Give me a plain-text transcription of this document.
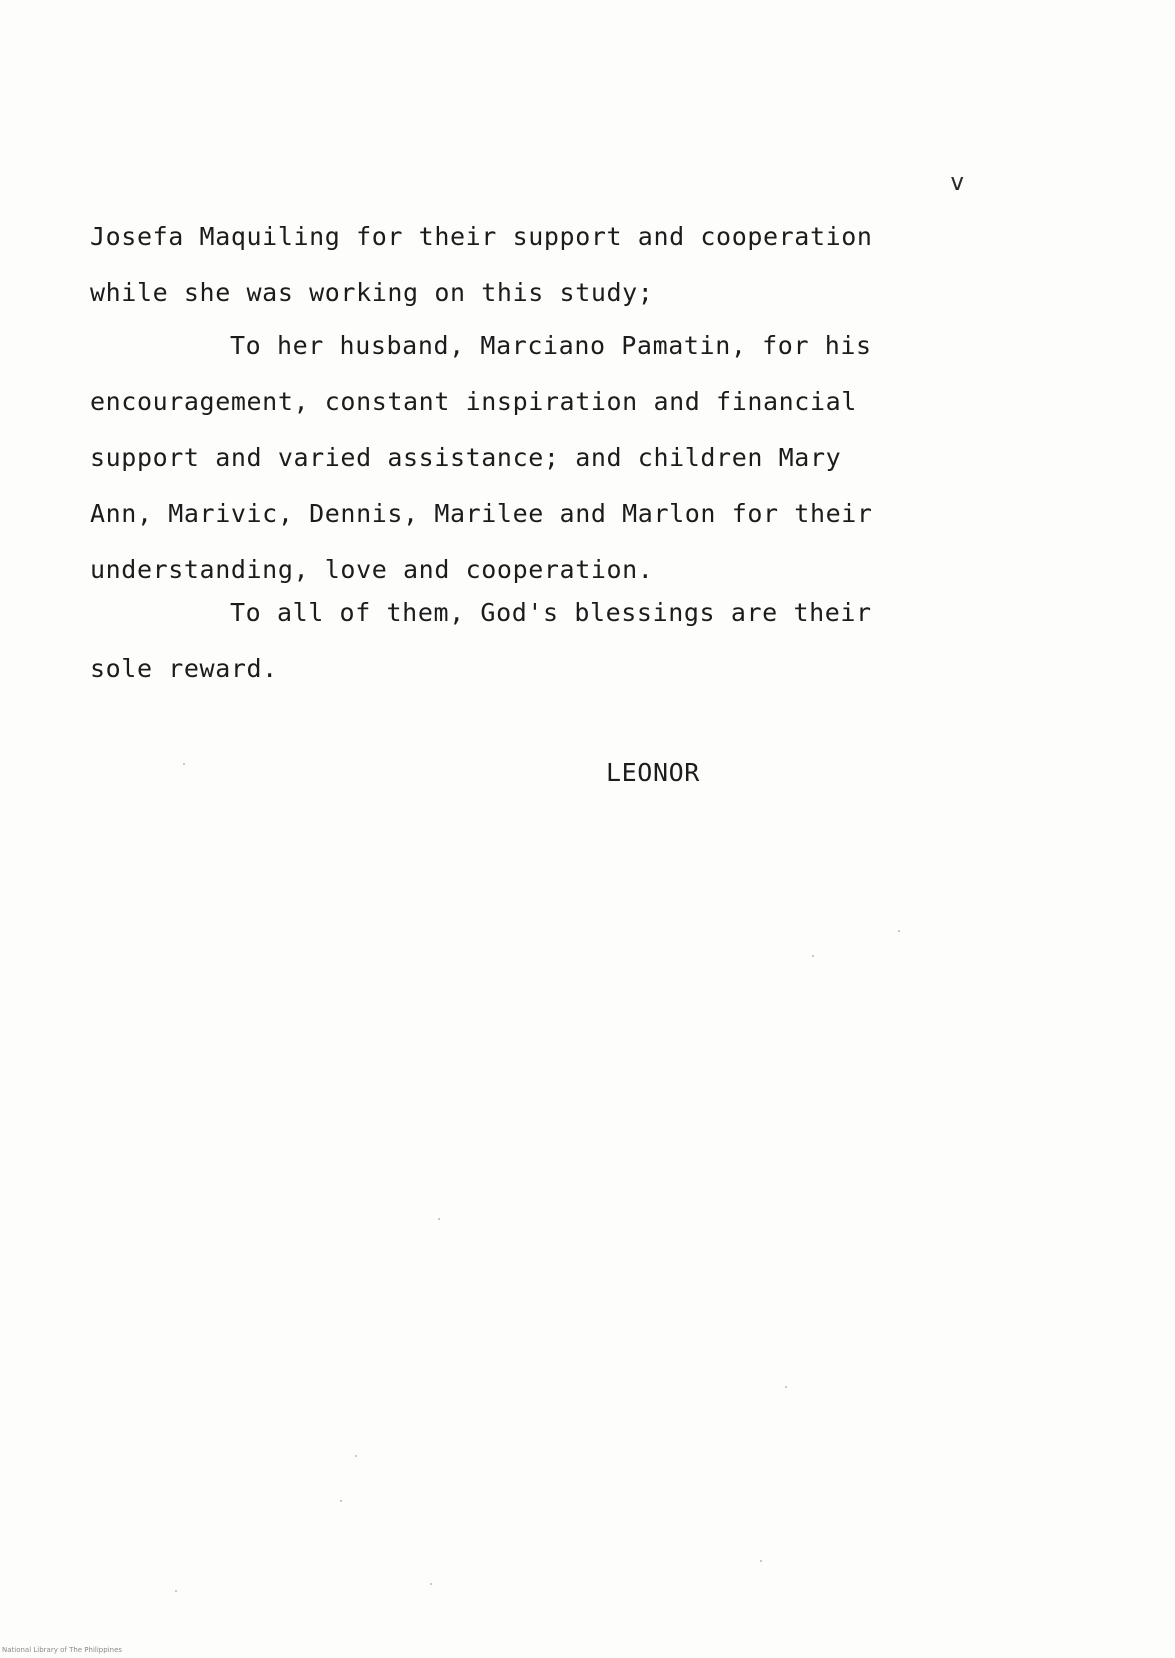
v

Josefa Maquiling for their support and cooperation
while she was working on this study;

To her husband, Marciano Pamatin, for his
encouragement, constant inspiration and financial
support and varied assistance; and children Mary
Ann, Marivic, Dennis, Marilee and Marlon for their
understanding, love and cooperation.

To all of them, God's blessings are their
sole reward.

LEONOR
National Library of The Philippines
